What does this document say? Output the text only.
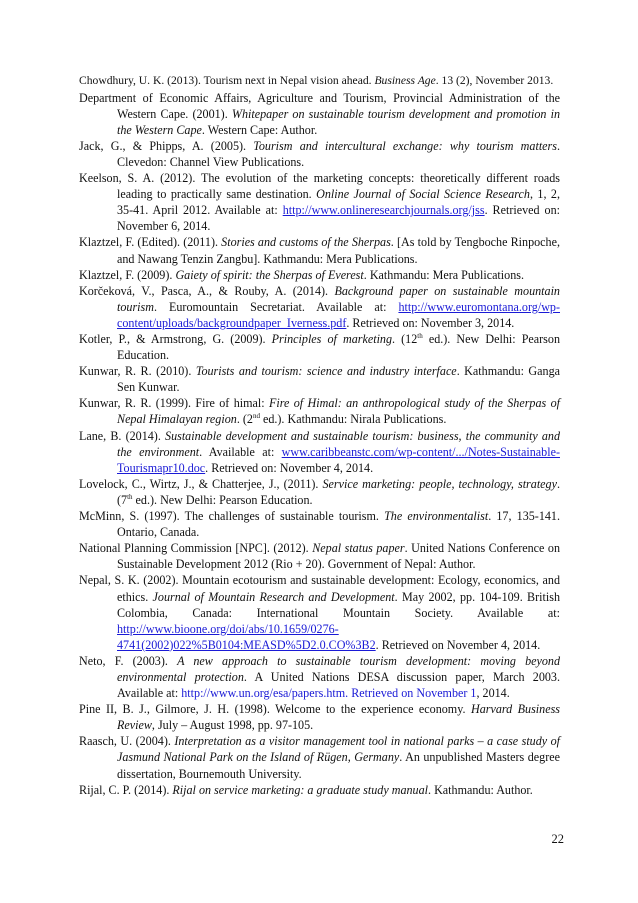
Chowdhury, U. K. (2013). Tourism next in Nepal vision ahead. Business Age. 13 (2), November 2013.

Department of Economic Affairs, Agriculture and Tourism, Provincial Administration of the Western Cape. (2001). Whitepaper on sustainable tourism development and promotion in the Western Cape. Western Cape: Author.

Jack, G., & Phipps, A. (2005). Tourism and intercultural exchange: why tourism matters. Clevedon: Channel View Publications.

Keelson, S. A. (2012). The evolution of the marketing concepts: theoretically different roads leading to practically same destination. Online Journal of Social Science Research, 1, 2, 35-41. April 2012. Available at: http://www.onlineresearchjournals.org/jss. Retrieved on: November 6, 2014.

Klaztzel, F. (Edited). (2011). Stories and customs of the Sherpas. [As told by Tengboche Rinpoche, and Nawang Tenzin Zangbu]. Kathmandu: Mera Publications.

Klaztzel, F. (2009). Gaiety of spirit: the Sherpas of Everest. Kathmandu: Mera Publications.

Korčeková, V., Pasca, A., & Rouby, A. (2014). Background paper on sustainable mountain tourism. Euromountain Secretariat. Available at: http://www.euromontana.org/wp-content/uploads/backgroundpaper_Iverness.pdf. Retrieved on: November 3, 2014.

Kotler, P., & Armstrong, G. (2009). Principles of marketing. (12th ed.). New Delhi: Pearson Education.

Kunwar, R. R. (2010). Tourists and tourism: science and industry interface. Kathmandu: Ganga Sen Kunwar.

Kunwar, R. R. (1999). Fire of himal: Fire of Himal: an anthropological study of the Sherpas of Nepal Himalayan region. (2nd ed.). Kathmandu: Nirala Publications.

Lane, B. (2014). Sustainable development and sustainable tourism: business, the community and the environment. Available at: www.caribbeanstc.com/wp-content/.../Notes-Sustainable-Tourismapr10.doc. Retrieved on: November 4, 2014.

Lovelock, C., Wirtz, J., & Chatterjee, J., (2011). Service marketing: people, technology, strategy. (7th ed.). New Delhi: Pearson Education.

McMinn, S. (1997). The challenges of sustainable tourism. The environmentalist. 17, 135-141. Ontario, Canada.

National Planning Commission [NPC]. (2012). Nepal status paper. United Nations Conference on Sustainable Development 2012 (Rio + 20). Government of Nepal: Author.

Nepal, S. K. (2002). Mountain ecotourism and sustainable development: Ecology, economics, and ethics. Journal of Mountain Research and Development. May 2002, pp. 104-109. British Colombia, Canada: International Mountain Society. Available at: http://www.bioone.org/doi/abs/10.1659/0276-4741(2002)022%5B0104:MEASD%5D2.0.CO%3B2. Retrieved on November 4, 2014.

Neto, F. (2003). A new approach to sustainable tourism development: moving beyond environmental protection. A United Nations DESA discussion paper, March 2003. Available at: http://www.un.org/esa/papers.htm. Retrieved on November 1, 2014.

Pine II, B. J., Gilmore, J. H. (1998). Welcome to the experience economy. Harvard Business Review, July – August 1998, pp. 97-105.

Raasch, U. (2004). Interpretation as a visitor management tool in national parks – a case study of Jasmund National Park on the Island of Rügen, Germany. An unpublished Masters degree dissertation, Bournemouth University.

Rijal, C. P. (2014). Rijal on service marketing: a graduate study manual. Kathmandu: Author.

22
